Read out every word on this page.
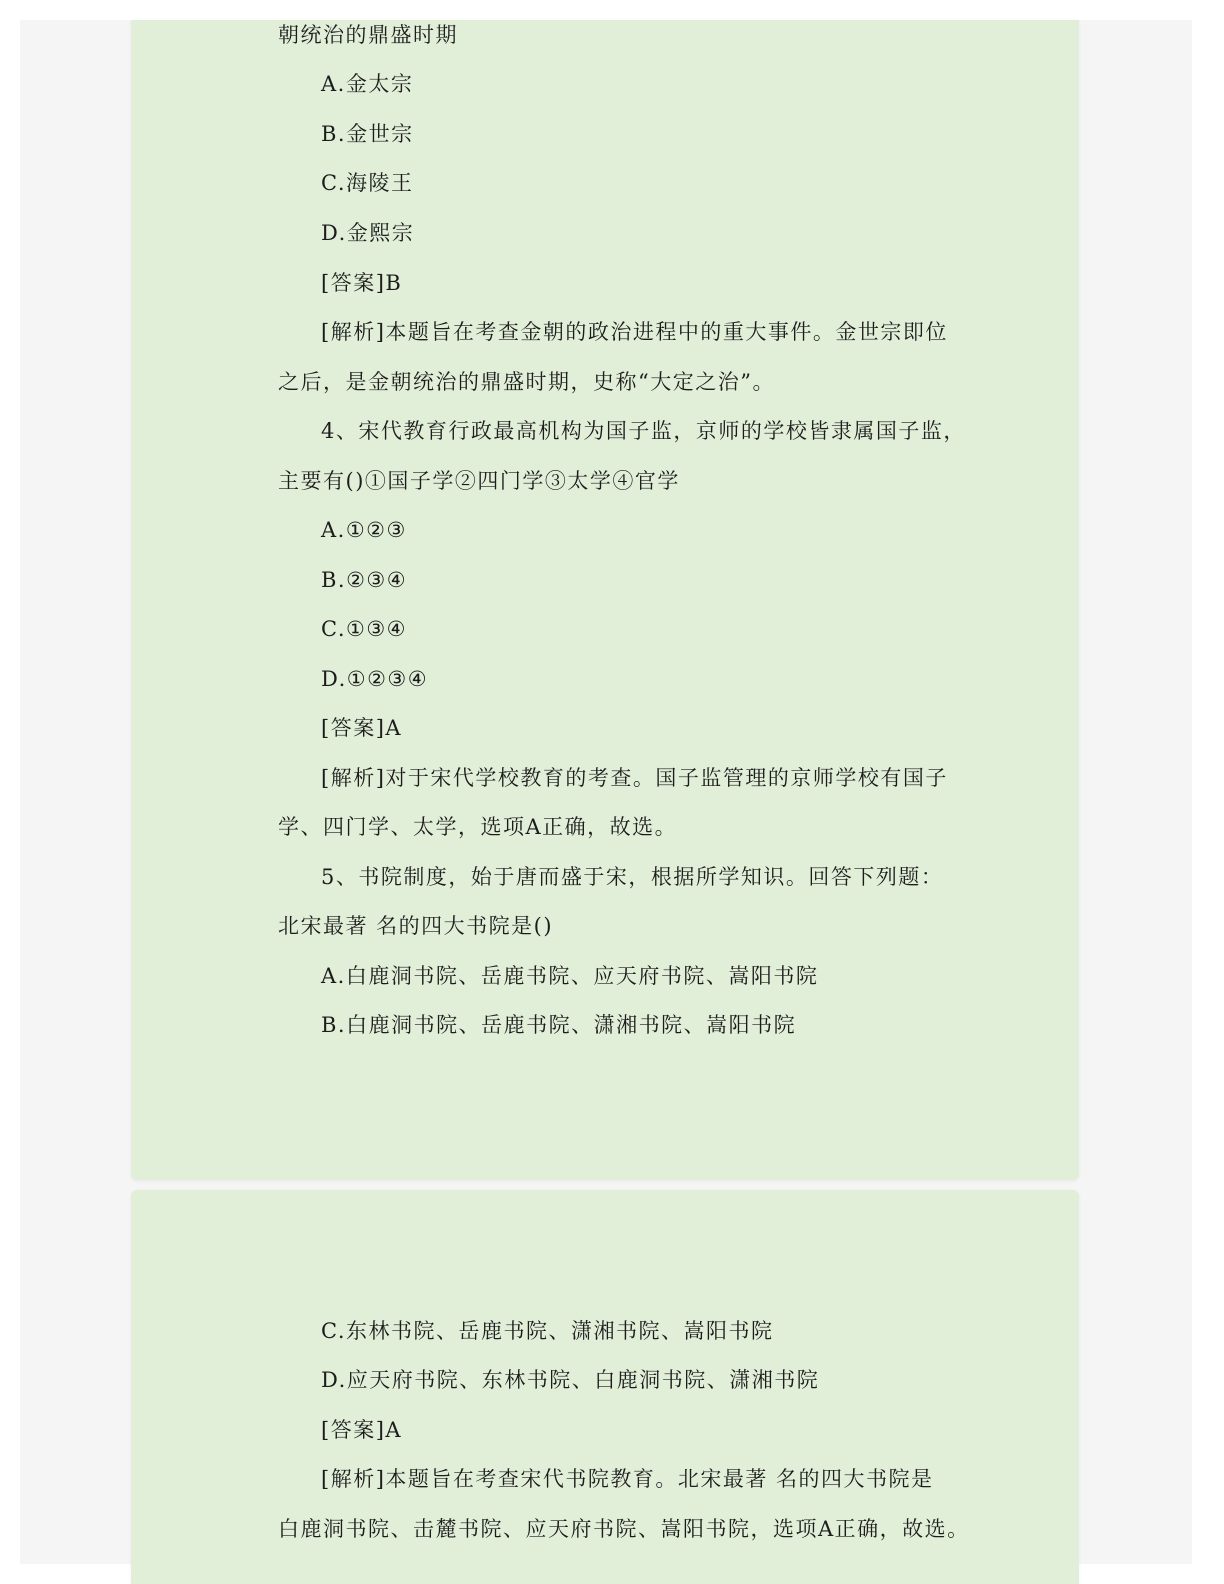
朝统治的鼎盛时期
A.金太宗
B.金世宗
C.海陵王
D.金熙宗
[答案]B
[解析]本题旨在考查金朝的政治进程中的重大事件。金世宗即位
之后，是金朝统治的鼎盛时期，史称“大定之治”。
4、宋代教育行政最高机构为国子监，京师的学校皆隶属国子监，
主要有()①国子学②四门学③太学④官学
A.①②③
B.②③④
C.①③④
D.①②③④
[答案]A
[解析]对于宋代学校教育的考查。国子监管理的京师学校有国子
学、四门学、太学，选项A正确，故选。
5、书院制度，始于唐而盛于宋，根据所学知识。回答下列题：
北宋最著 名的四大书院是()
A.白鹿洞书院、岳鹿书院、应天府书院、嵩阳书院
B.白鹿洞书院、岳鹿书院、潇湘书院、嵩阳书院
C.东林书院、岳鹿书院、潇湘书院、嵩阳书院
D.应天府书院、东林书院、白鹿洞书院、潇湘书院
[答案]A
[解析]本题旨在考查宋代书院教育。北宋最著 名的四大书院是
白鹿洞书院、击麓书院、应天府书院、嵩阳书院，选项A正确，故选。
